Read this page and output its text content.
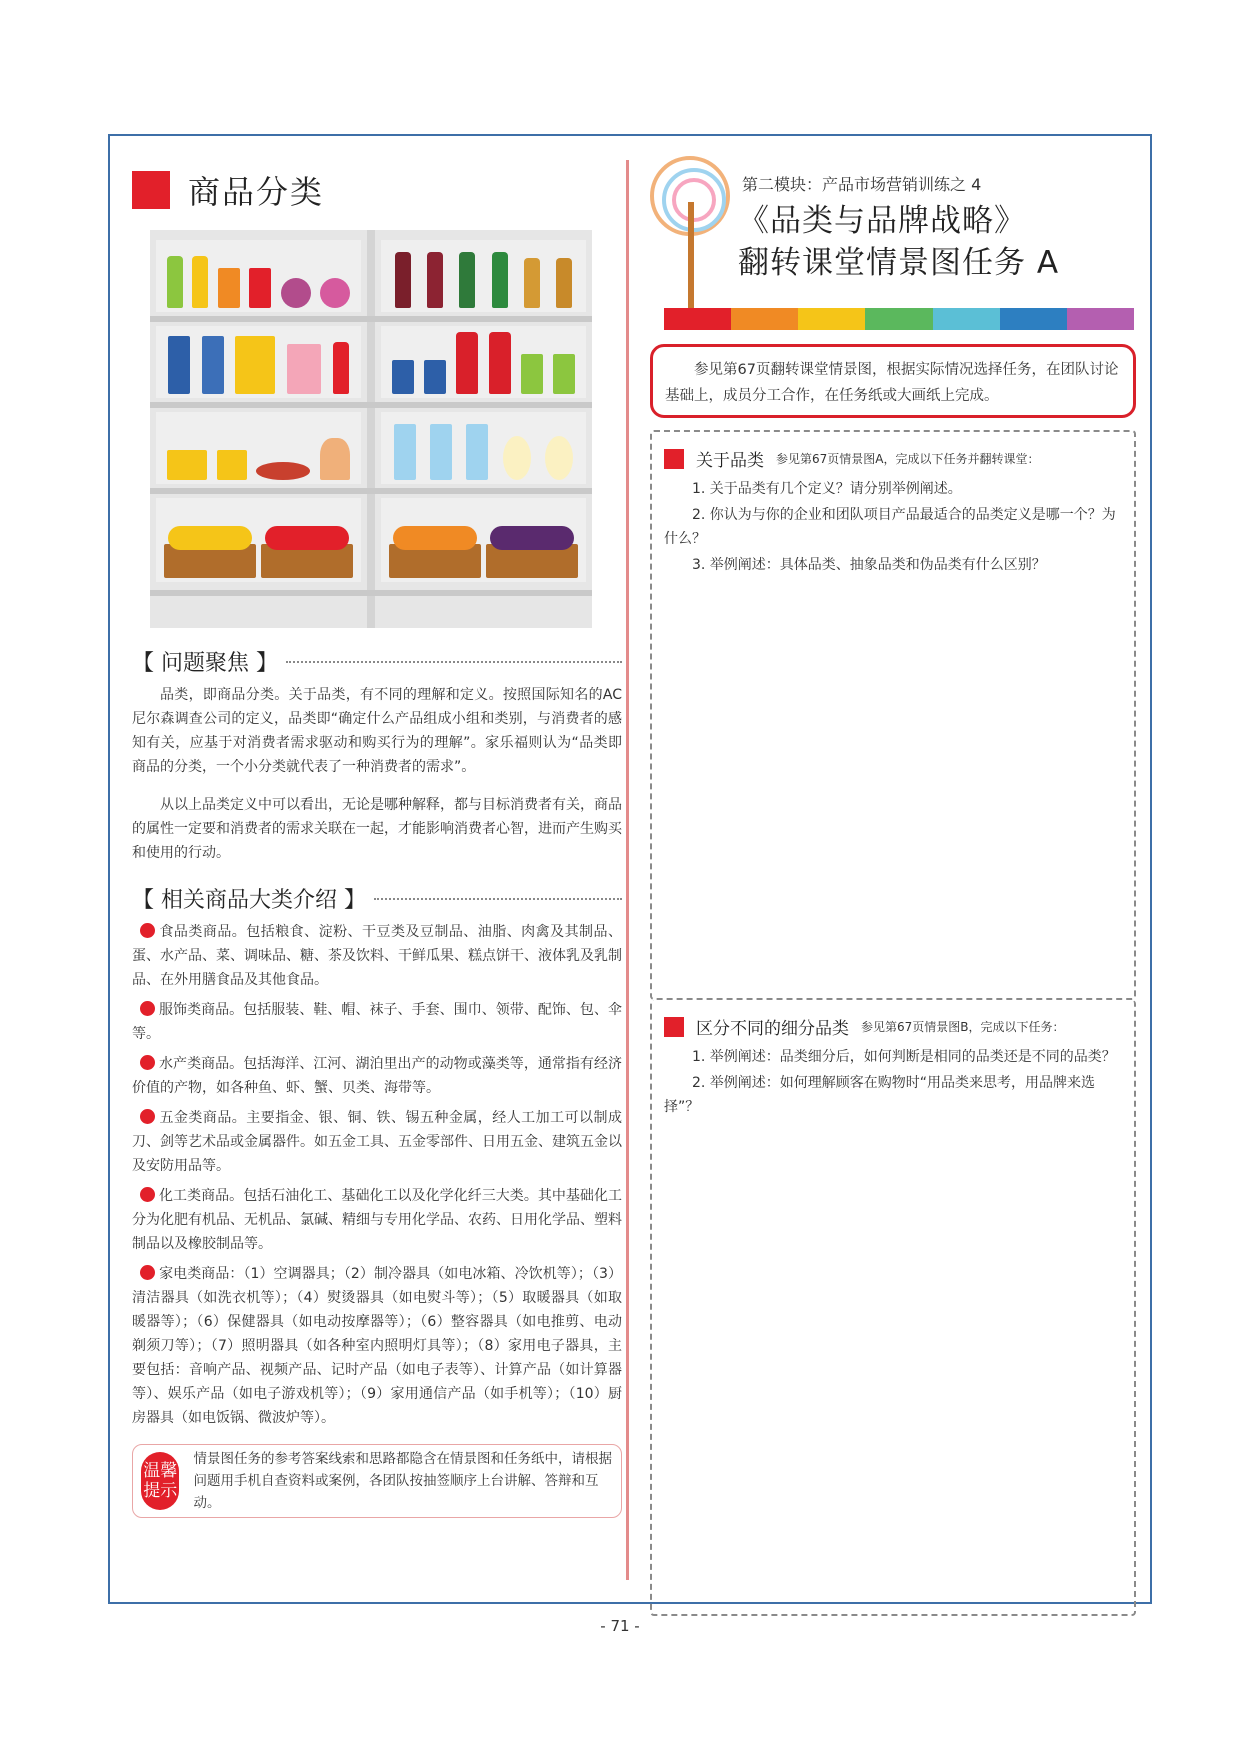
商品分类
【 问题聚焦 】

品类，即商品分类。关于品类，有不同的理解和定义。按照国际知名的AC尼尔森调查公司的定义，品类即“确定什么产品组成小组和类别，与消费者的感知有关，应基于对消费者需求驱动和购买行为的理解”。家乐福则认为“品类即商品的分类，一个小分类就代表了一种消费者的需求”。

从以上品类定义中可以看出，无论是哪种解释，都与目标消费者有关，商品的属性一定要和消费者的需求关联在一起，才能影响消费者心智，进而产生购买和使用的行动。

【 相关商品大类介绍 】

食品类商品。包括粮食、淀粉、干豆类及豆制品、油脂、肉禽及其制品、蛋、水产品、菜、调味品、糖、茶及饮料、干鲜瓜果、糕点饼干、液体乳及乳制品、在外用膳食品及其他食品。

服饰类商品。包括服装、鞋、帽、袜子、手套、围巾、领带、配饰、包、伞等。

水产类商品。包括海洋、江河、湖泊里出产的动物或藻类等，通常指有经济价值的产物，如各种鱼、虾、蟹、贝类、海带等。

五金类商品。主要指金、银、铜、铁、锡五种金属，经人工加工可以制成刀、剑等艺术品或金属器件。如五金工具、五金零部件、日用五金、建筑五金以及安防用品等。

化工类商品。包括石油化工、基础化工以及化学化纤三大类。其中基础化工分为化肥有机品、无机品、氯碱、精细与专用化学品、农药、日用化学品、塑料制品以及橡胶制品等。

家电类商品：（1）空调器具；（2）制冷器具（如电冰箱、冷饮机等）；（3）清洁器具（如洗衣机等）；（4）熨烫器具（如电熨斗等）；（5）取暖器具（如取暖器等）；（6）保健器具（如电动按摩器等）；（6）整容器具（如电推剪、电动剃须刀等）；（7）照明器具（如各种室内照明灯具等）；（8）家用电子器具，主要包括：音响产品、视频产品、记时产品（如电子表等）、计算产品（如计算器等）、娱乐产品（如电子游戏机等）；（9）家用通信产品（如手机等）；（10）厨房器具（如电饭锅、微波炉等）。

温馨
提示
情景图任务的参考答案线索和思路都隐含在情景图和任务纸中，请根据问题用手机自查资料或案例，各团队按抽签顺序上台讲解、答辩和互动。
第二模块：产品市场营销训练之 4
《品类与品牌战略》
翻转课堂情景图任务 A
参见第67页翻转课堂情景图，根据实际情况选择任务，在团队讨论基础上，成员分工合作，在任务纸或大画纸上完成。
关于品类 参见第67页情景图A，完成以下任务并翻转课堂：

1. 关于品类有几个定义？请分别举例阐述。

2. 你认为与你的企业和团队项目产品最适合的品类定义是哪一个？为什么？

3. 举例阐述：具体品类、抽象品类和伪品类有什么区别？

区分不同的细分品类 参见第67页情景图B，完成以下任务：

1. 举例阐述：品类细分后，如何判断是相同的品类还是不同的品类？

2. 举例阐述：如何理解顾客在购物时“用品类来思考，用品牌来选择”？

- 71 -
